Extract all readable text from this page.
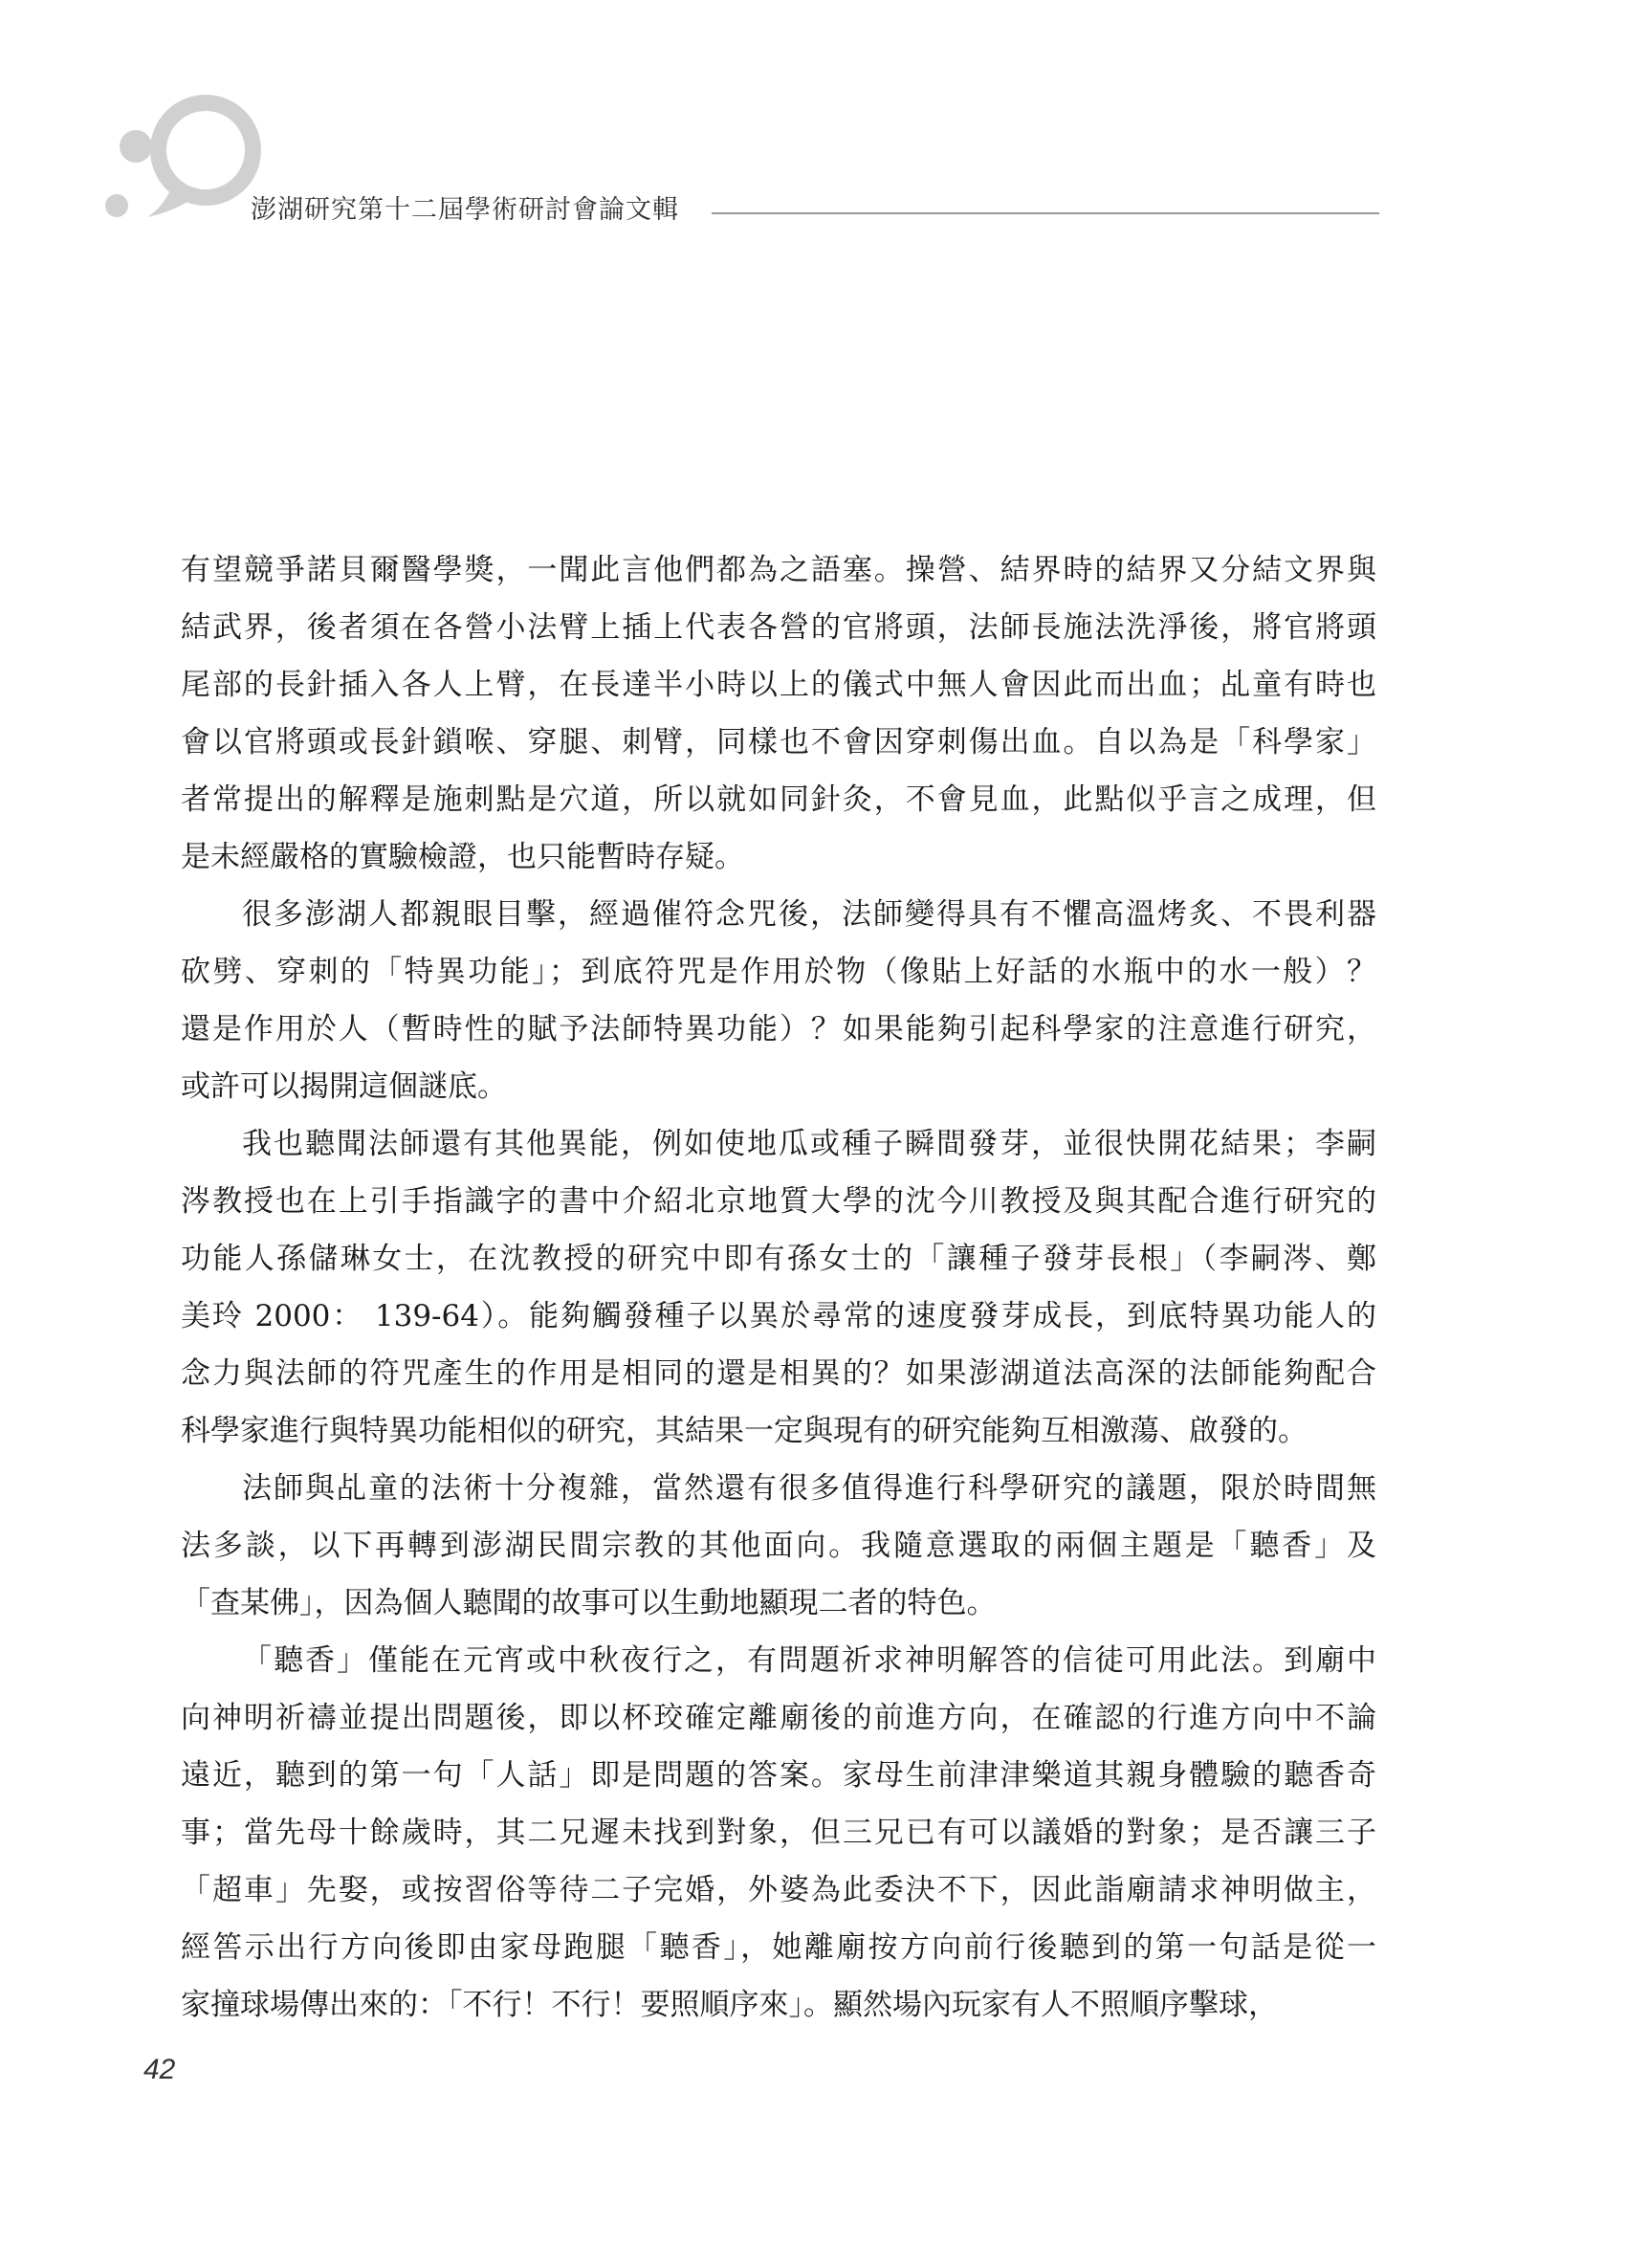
澎湖研究第十二屆學術研討會論文輯
有望競爭諾貝爾醫學獎，一聞此言他們都為之語塞。操營、結界時的結界又分結文界與
結武界，後者須在各營小法臂上插上代表各營的官將頭，法師長施法洗淨後，將官將頭
尾部的長針插入各人上臂，在長達半小時以上的儀式中無人會因此而出血；乩童有時也
會以官將頭或長針鎖喉、穿腿、刺臂，同樣也不會因穿刺傷出血。自以為是「科學家」
者常提出的解釋是施刺點是穴道，所以就如同針灸，不會見血，此點似乎言之成理，但
是未經嚴格的實驗檢證，也只能暫時存疑。
很多澎湖人都親眼目擊，經過催符念咒後，法師變得具有不懼高溫烤炙、不畏利器
砍劈、穿刺的「特異功能」；到底符咒是作用於物（像貼上好話的水瓶中的水一般）？
還是作用於人（暫時性的賦予法師特異功能）？如果能夠引起科學家的注意進行研究，
或許可以揭開這個謎底。
我也聽聞法師還有其他異能，例如使地瓜或種子瞬間發芽，並很快開花結果；李嗣
涔教授也在上引手指識字的書中介紹北京地質大學的沈今川教授及與其配合進行研究的
功能人孫儲琳女士，在沈教授的研究中即有孫女士的「讓種子發芽長根」（李嗣涔、鄭
美玲 2000： 139-64）。能夠觸發種子以異於尋常的速度發芽成長，到底特異功能人的
念力與法師的符咒產生的作用是相同的還是相異的？如果澎湖道法高深的法師能夠配合
科學家進行與特異功能相似的研究，其結果一定與現有的研究能夠互相激蕩、啟發的。
法師與乩童的法術十分複雜，當然還有很多值得進行科學研究的議題，限於時間無
法多談，以下再轉到澎湖民間宗教的其他面向。我隨意選取的兩個主題是「聽香」及
「查某佛」，因為個人聽聞的故事可以生動地顯現二者的特色。
「聽香」僅能在元宵或中秋夜行之，有問題祈求神明解答的信徒可用此法。到廟中
向神明祈禱並提出問題後，即以杯珓確定離廟後的前進方向，在確認的行進方向中不論
遠近，聽到的第一句「人話」即是問題的答案。家母生前津津樂道其親身體驗的聽香奇
事；當先母十餘歲時，其二兄遲未找到對象，但三兄已有可以議婚的對象；是否讓三子
「超車」先娶，或按習俗等待二子完婚，外婆為此委決不下，因此詣廟請求神明做主，
經筶示出行方向後即由家母跑腿「聽香」，她離廟按方向前行後聽到的第一句話是從一
家撞球場傳出來的：「不行！不行！要照順序來」。顯然場內玩家有人不照順序擊球，
42
